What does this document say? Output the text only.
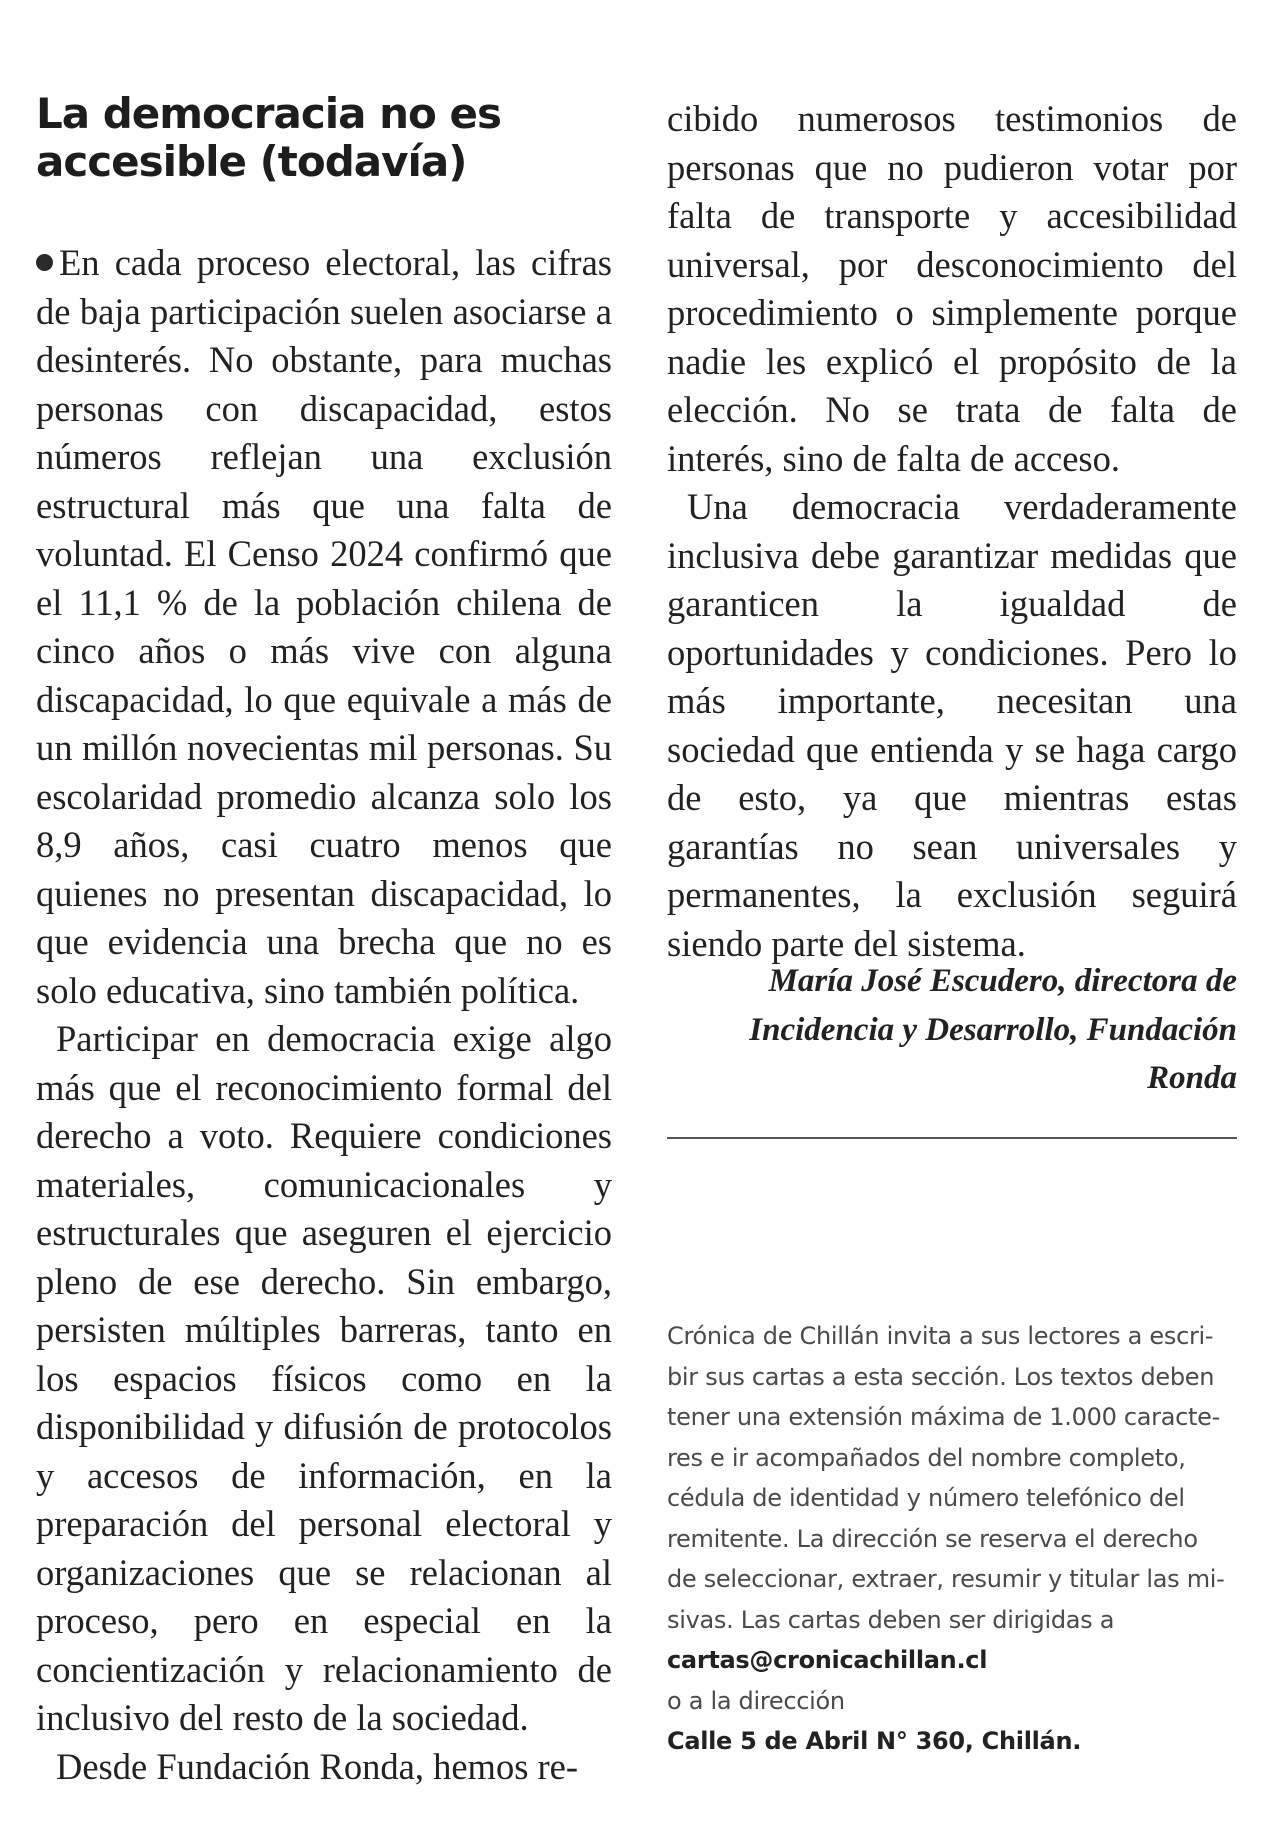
La democracia no es accesible (todavía)

En cada proceso electoral, las cifras de baja participación suelen asociarse a desinterés. No obstante, para muchas personas con discapacidad, estos números reflejan una exclusión estructural más que una falta de voluntad. El Censo 2024 confirmó que el 11,1 % de la población chilena de cinco años o más vive con alguna discapacidad, lo que equivale a más de un millón novecientas mil personas. Su escolaridad promedio alcanza solo los 8,9 años, casi cuatro menos que quienes no presentan discapacidad, lo que evidencia una brecha que no es solo educativa, sino también política.

Participar en democracia exige algo más que el reconocimiento formal del derecho a voto. Requiere condiciones materiales, comunicacionales y estructurales que aseguren el ejercicio pleno de ese derecho. Sin embargo, persisten múltiples barreras, tanto en los espacios físicos como en la disponibilidad y difusión de protocolos y accesos de información, en la preparación del personal electoral y organizaciones que se relacionan al proceso, pero en especial en la concientización y relacionamiento de inclusivo del resto de la sociedad.

Desde Fundación Ronda, hemos re-

cibido numerosos testimonios de personas que no pudieron votar por falta de transporte y accesibilidad universal, por desconocimiento del procedimiento o simplemente porque nadie les explicó el propósito de la elección. No se trata de falta de interés, sino de falta de acceso.

Una democracia verdaderamente inclusiva debe garantizar medidas que garanticen la igualdad de oportunidades y condiciones. Pero lo más importante, necesitan una sociedad que entienda y se haga cargo de esto, ya que mientras estas garantías no sean universales y permanentes, la exclusión seguirá siendo parte del sistema.

María José Escudero, directora de Incidencia y Desarrollo, Fundación Ronda
Crónica de Chillán invita a sus lectores a escri-
bir sus cartas a esta sección. Los textos deben
tener una extensión máxima de 1.000 caracte-
res e ir acompañados del nombre completo,
cédula de identidad y número telefónico del
remitente. La dirección se reserva el derecho
de seleccionar, extraer, resumir y titular las mi-
sivas. Las cartas deben ser dirigidas a
cartas@cronicachillan.cl
o a la dirección
Calle 5 de Abril N° 360, Chillán.
